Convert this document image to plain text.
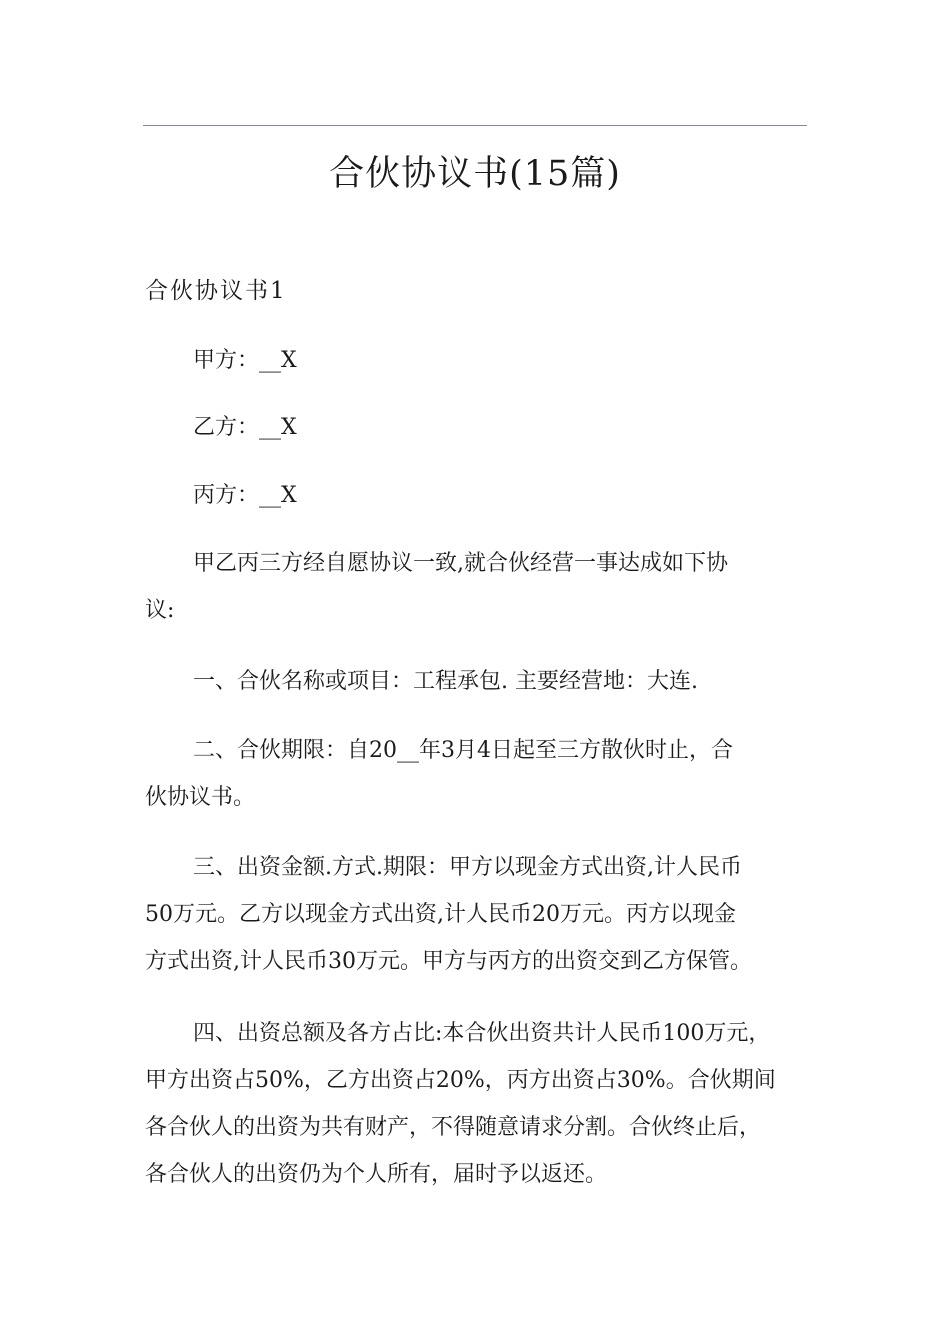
合伙协议书(15篇)
合伙协议书1
甲方：__X
乙方：__X
丙方：__X

甲乙丙三方经自愿协议一致,就合伙经营一事达成如下协
议:

一、合伙名称或项目：工程承包. 主要经营地：大连.

二、合伙期限：自20__年3月4日起至三方散伙时止，合
伙协议书。

三、出资金额.方式.期限：甲方以现金方式出资,计人民币
50万元。乙方以现金方式出资,计人民币20万元。丙方以现金
方式出资,计人民币30万元。甲方与丙方的出资交到乙方保管。

四、出资总额及各方占比:本合伙出资共计人民币100万元，
甲方出资占50%，乙方出资占20%，丙方出资占30%。合伙期间
各合伙人的出资为共有财产，不得随意请求分割。合伙终止后，
各合伙人的出资仍为个人所有，届时予以返还。
